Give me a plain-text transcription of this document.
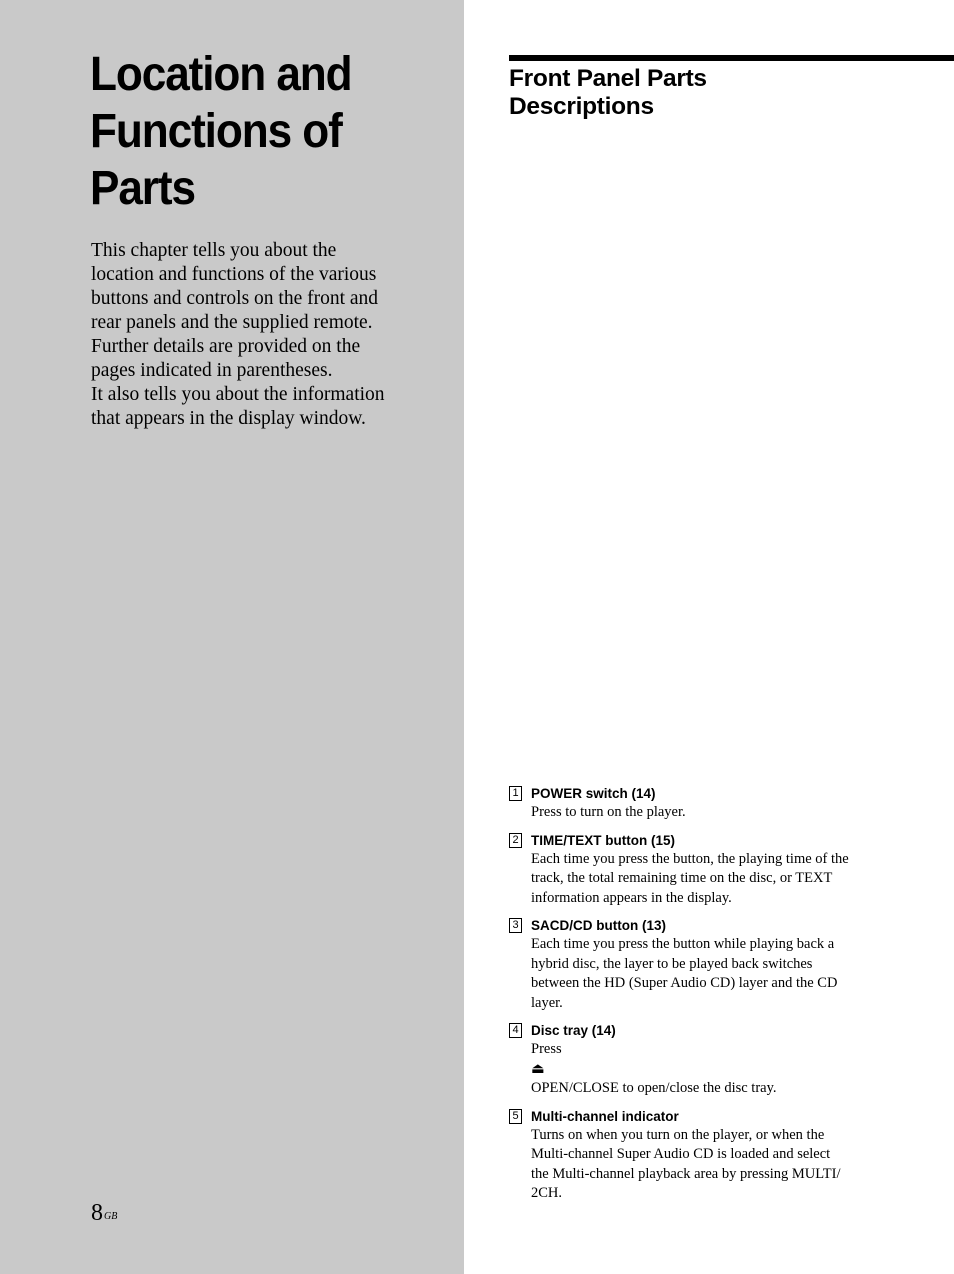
Location and
Functions of
Parts
This chapter tells you about the
location and functions of the various
buttons and controls on the front and
rear panels and the supplied remote.
Further details are provided on the
pages indicated in parentheses.
It also tells you about the information
that appears in the display window.
$8^{GB}$
Front Panel Parts
Descriptions
1 POWER switch (14)
Press to turn on the player.
2 TIME/TEXT button (15)
Each time you press the button, the playing time of the
track, the total remaining time on the disc, or TEXT
information appears in the display.
3 SACD/CD button (13)
Each time you press the button while playing back a
hybrid disc, the layer to be played back switches
between the HD (Super Audio CD) layer and the CD
layer.
4 Disc tray (14)
Press
⏏
OPEN/CLOSE to open/close the disc tray.
5 Multi-channel indicator
Turns on when you turn on the player, or when the
Multi-channel Super Audio CD is loaded and select
the Multi-channel playback area by pressing MULTI/
2CH.
